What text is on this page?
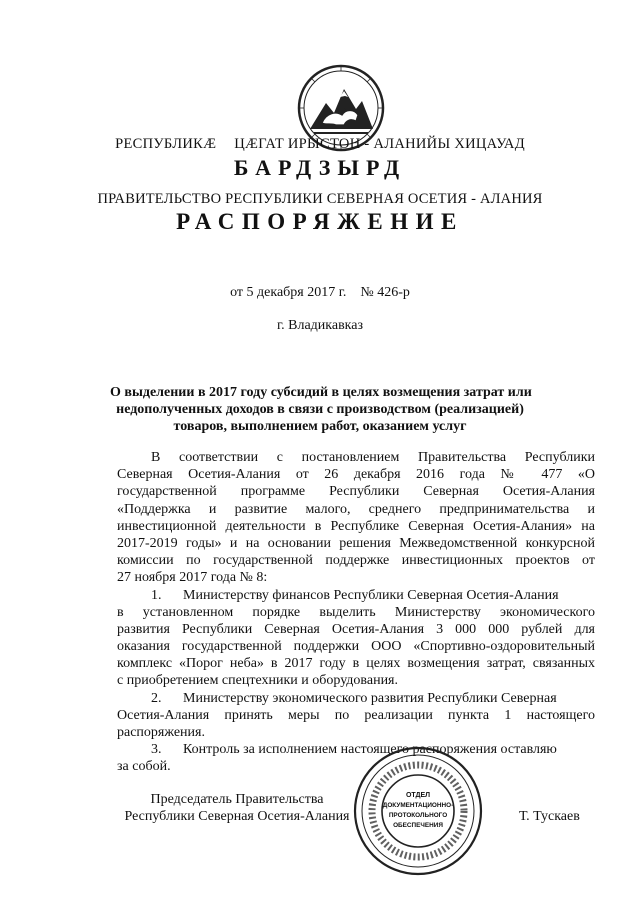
РЕСПУБЛИКӔ ЦӔГАТ ИРЫСТОН - АЛАНИЙЫ ХИЦАУАД
БАРДЗЫРД
ПРАВИТЕЛЬСТВО РЕСПУБЛИКИ СЕВЕРНАЯ ОСЕТИЯ - АЛАНИЯ
РАСПОРЯЖЕНИЕ
от 5 декабря 2017 г. № 426-р
г. Владикавказ
О выделении в 2017 году субсидий в целях возмещения затрат или
недополученных доходов в связи с производством (реализацией)
товаров, выполнением работ, оказанием услуг
В соответствии с постановлением Правительства Республики
Северная Осетия-Алания от 26 декабря 2016 года № 477 «О
государственной программе Республики Северная Осетия-Алания
«Поддержка и развитие малого, среднего предпринимательства и
инвестиционной деятельности в Республике Северная Осетия-Алания» на
2017-2019 годы» и на основании решения Межведомственной конкурсной
комиссии по государственной поддержке инвестиционных проектов от
27 ноября 2017 года № 8:
1. Министерству финансов Республики Северная Осетия-Алания
в установленном порядке выделить Министерству экономического
развития Республики Северная Осетия-Алания 3 000 000 рублей для
оказания государственной поддержки ООО «Спортивно-оздоровительный
комплекс «Порог неба» в 2017 году в целях возмещения затрат, связанных
с приобретением спецтехники и оборудования.
2. Министерству экономического развития Республики Северная
Осетия-Алания принять меры по реализации пункта 1 настоящего
распоряжения.
3. Контроль за исполнением настоящего распоряжения оставляю
за собой.
Председатель Правительства
Республики Северная Осетия-Алания	Т. Тускаев
ОТДЕЛ
ДОКУМЕНТАЦИОННО-
ПРОТОКОЛЬНОГО
ОБЕСПЕЧЕНИЯ
